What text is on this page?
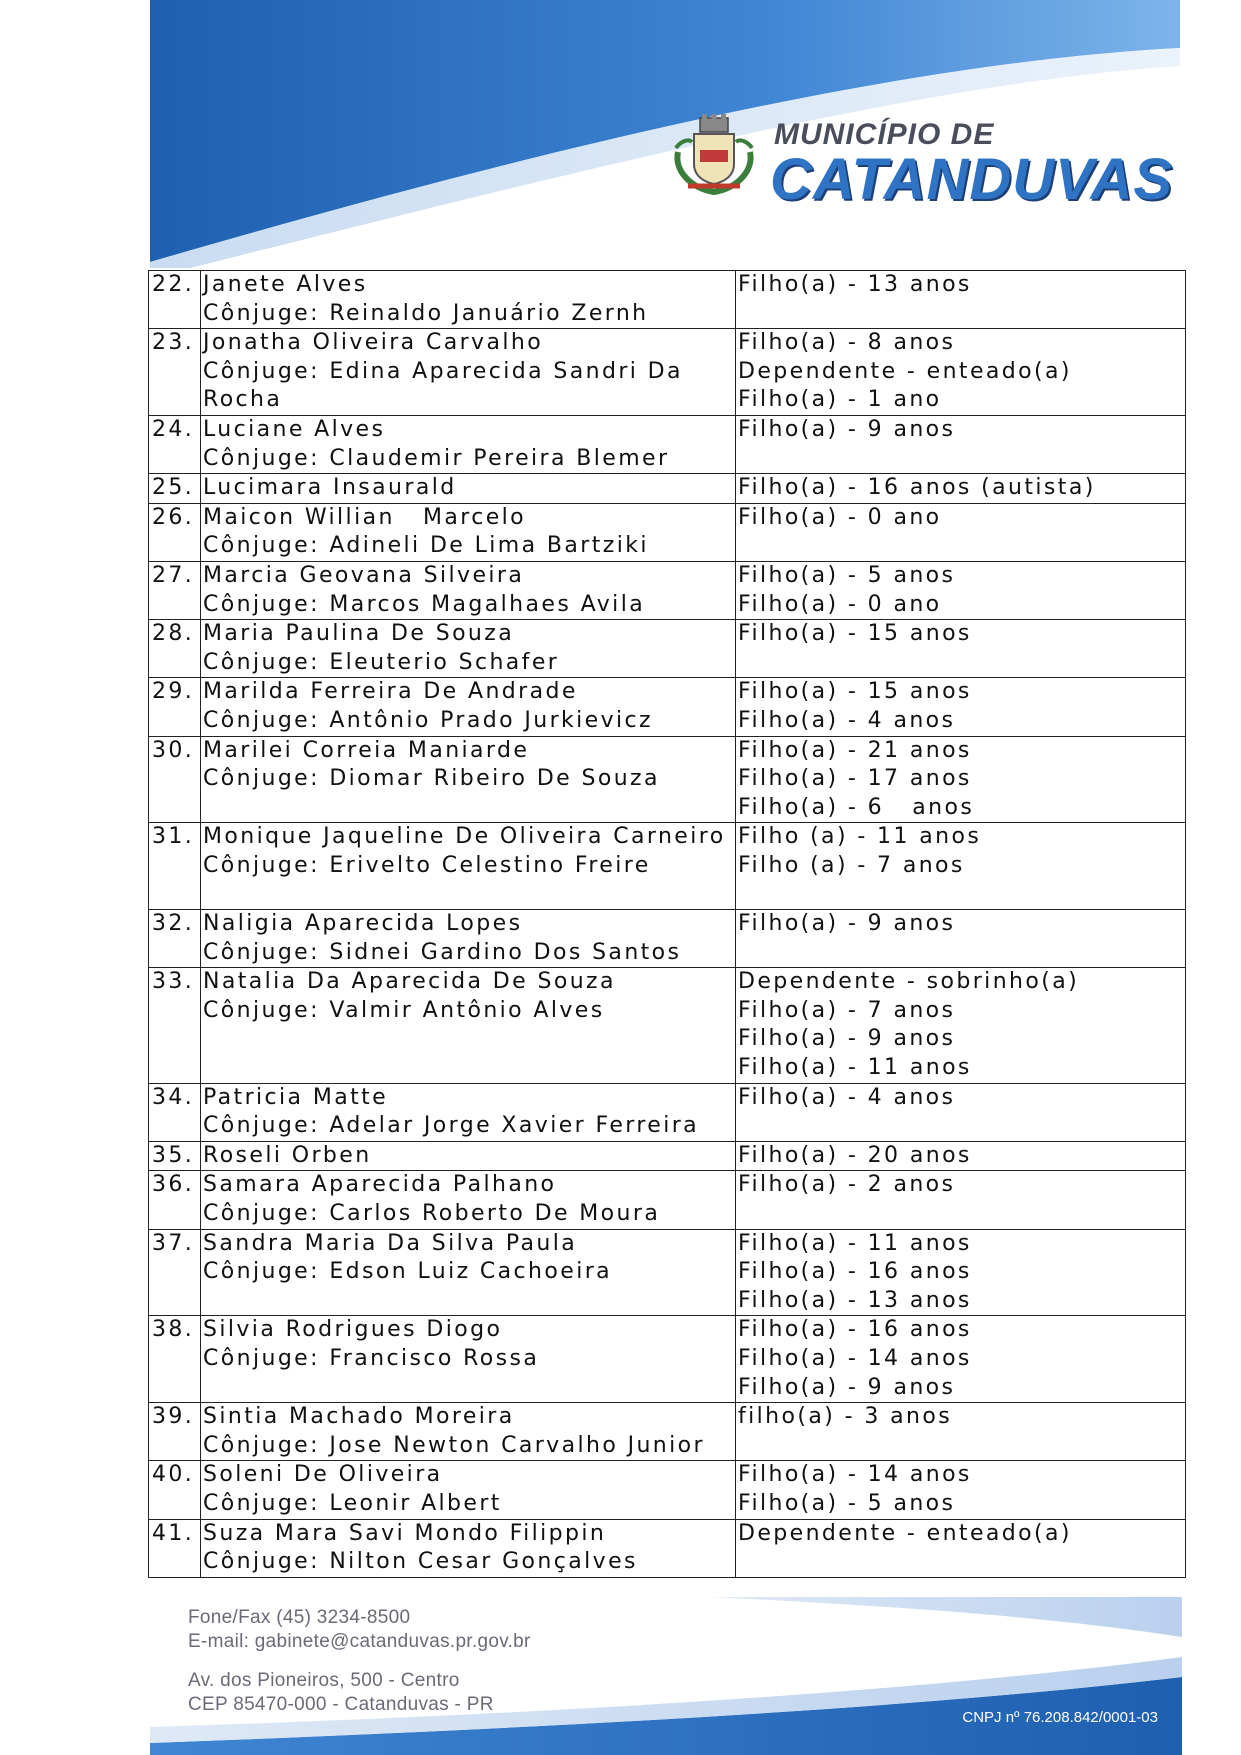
MUNICÍPIO DE
CATANDUVAS
22.	Janete Alves
Cônjuge: Reinaldo Januário Zernh	Filho(a) - 13 anos

23.	Jonatha Oliveira Carvalho
Cônjuge: Edina Aparecida Sandri Da
Rocha	Filho(a) - 8 anos
Dependente - enteado(a)
Filho(a) - 1 ano

24.	Luciane Alves
Cônjuge: Claudemir Pereira Blemer	Filho(a) - 9 anos

25.	Lucimara Insaurald	Filho(a) - 16 anos (autista)

26.	Maicon Willian   Marcelo
Cônjuge: Adineli De Lima Bartziki	Filho(a) - 0 ano

27.	Marcia Geovana Silveira
Cônjuge: Marcos Magalhaes Avila	Filho(a) - 5 anos
Filho(a) - 0 ano

28.	Maria Paulina De Souza
Cônjuge: Eleuterio Schafer	Filho(a) - 15 anos

29.	Marilda Ferreira De Andrade
Cônjuge: Antônio Prado Jurkievicz	Filho(a) - 15 anos
Filho(a) - 4 anos

30.	Marilei Correia Maniarde
Cônjuge: Diomar Ribeiro De Souza	Filho(a) - 21 anos
Filho(a) - 17 anos
Filho(a) - 6   anos

31.	Monique Jaqueline De Oliveira Carneiro
Cônjuge: Erivelto Celestino Freire	Filho (a) - 11 anos
Filho (a) - 7 anos

32.	Naligia Aparecida Lopes
Cônjuge: Sidnei Gardino Dos Santos	Filho(a) - 9 anos

33.	Natalia Da Aparecida De Souza
Cônjuge: Valmir Antônio Alves	Dependente - sobrinho(a)
Filho(a) - 7 anos
Filho(a) - 9 anos
Filho(a) - 11 anos

34.	Patricia Matte
Cônjuge: Adelar Jorge Xavier Ferreira	Filho(a) - 4 anos

35.	Roseli Orben	Filho(a) - 20 anos

36.	Samara Aparecida Palhano
Cônjuge: Carlos Roberto De Moura	Filho(a) - 2 anos

37.	Sandra Maria Da Silva Paula
Cônjuge: Edson Luiz Cachoeira	Filho(a) - 11 anos
Filho(a) - 16 anos
Filho(a) - 13 anos

38.	Silvia Rodrigues Diogo
Cônjuge: Francisco Rossa	Filho(a) - 16 anos
Filho(a) - 14 anos
Filho(a) - 9 anos

39.	Sintia Machado Moreira
Cônjuge: Jose Newton Carvalho Junior	filho(a) - 3 anos

40.	Soleni De Oliveira
Cônjuge: Leonir Albert	Filho(a) - 14 anos
Filho(a) - 5 anos

41.	Suza Mara Savi Mondo Filippin
Cônjuge: Nilton Cesar Gonçalves	Dependente - enteado(a)
Fone/Fax (45) 3234-8500
E-mail: gabinete@catanduvas.pr.gov.br
Av. dos Pioneiros, 500 - Centro
CEP 85470-000 - Catanduvas - PR
CNPJ nº 76.208.842/0001-03
